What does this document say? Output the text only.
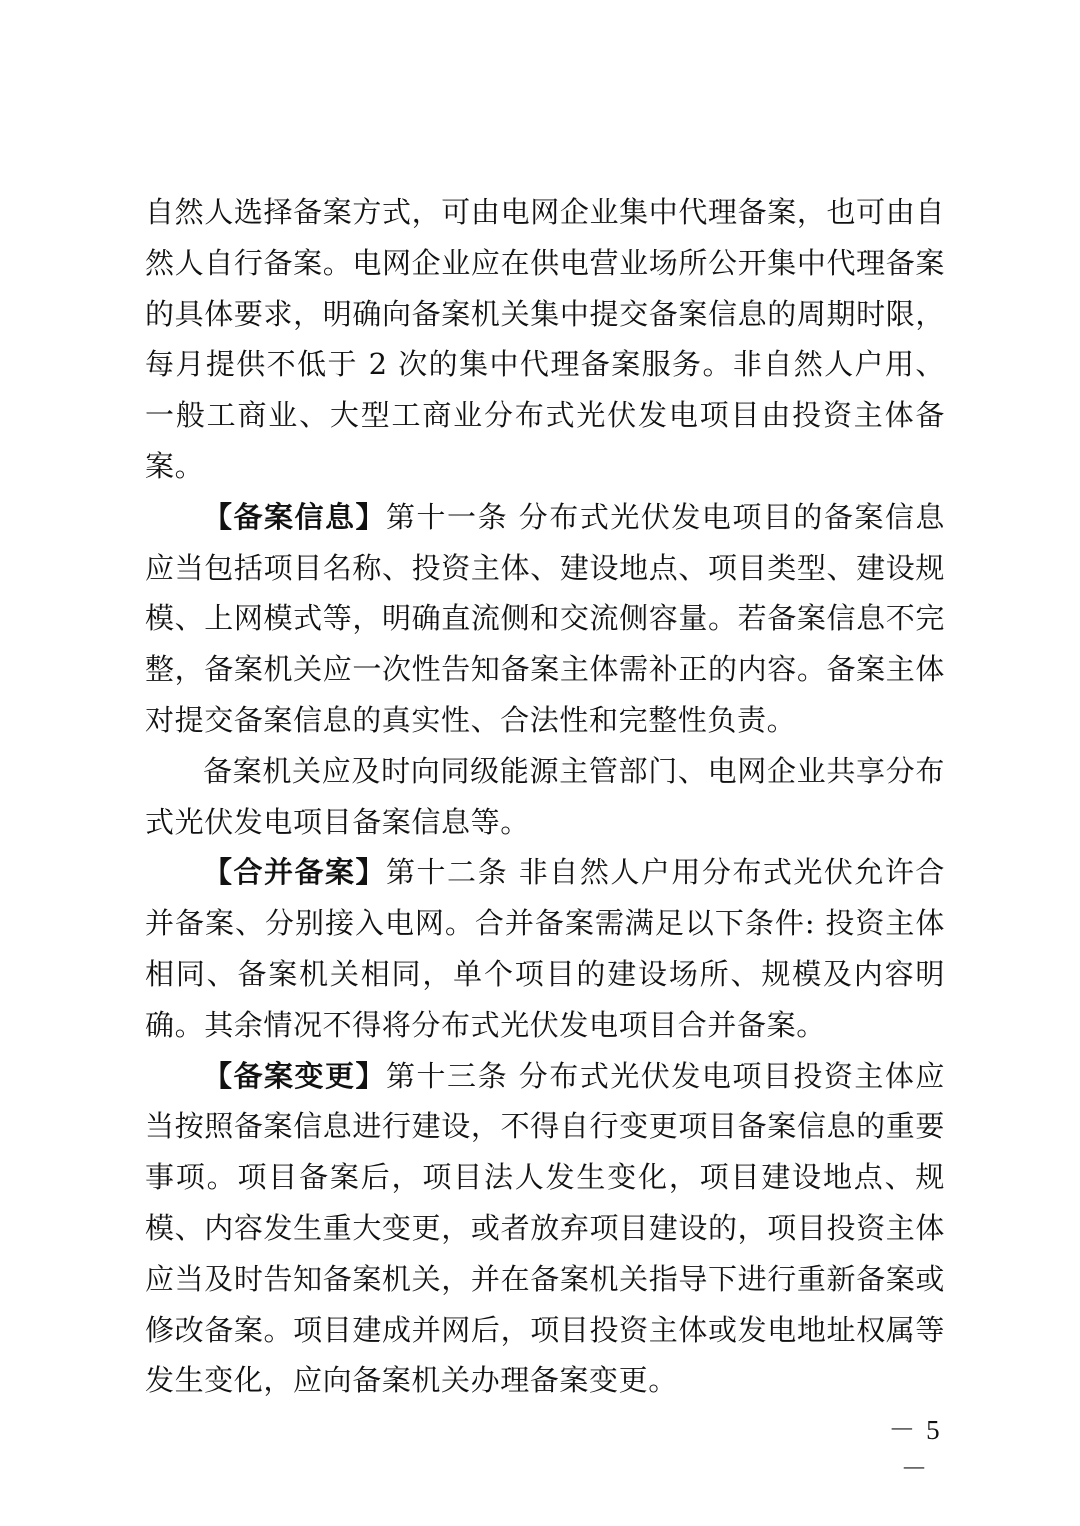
自然人选择备案方式，可由电网企业集中代理备案，也可由自然人自行备案。电网企业应在供电营业场所公开集中代理备案的具体要求，明确向备案机关集中提交备案信息的周期时限，每月提供不低于 2 次的集中代理备案服务。非自然人户用、一般工商业、大型工商业分布式光伏发电项目由投资主体备案。

【备案信息】第十一条 分布式光伏发电项目的备案信息应当包括项目名称、投资主体、建设地点、项目类型、建设规模、上网模式等，明确直流侧和交流侧容量。若备案信息不完整，备案机关应一次性告知备案主体需补正的内容。备案主体对提交备案信息的真实性、合法性和完整性负责。

备案机关应及时向同级能源主管部门、电网企业共享分布式光伏发电项目备案信息等。

【合并备案】第十二条 非自然人户用分布式光伏允许合并备案、分别接入电网。合并备案需满足以下条件: 投资主体相同、备案机关相同，单个项目的建设场所、规模及内容明确。其余情况不得将分布式光伏发电项目合并备案。

【备案变更】第十三条 分布式光伏发电项目投资主体应当按照备案信息进行建设，不得自行变更项目备案信息的重要事项。项目备案后，项目法人发生变化，项目建设地点、规模、内容发生重大变更，或者放弃项目建设的，项目投资主体应当及时告知备案机关，并在备案机关指导下进行重新备案或修改备案。项目建成并网后，项目投资主体或发电地址权属等发生变化，应向备案机关办理备案变更。

－ 5 －
